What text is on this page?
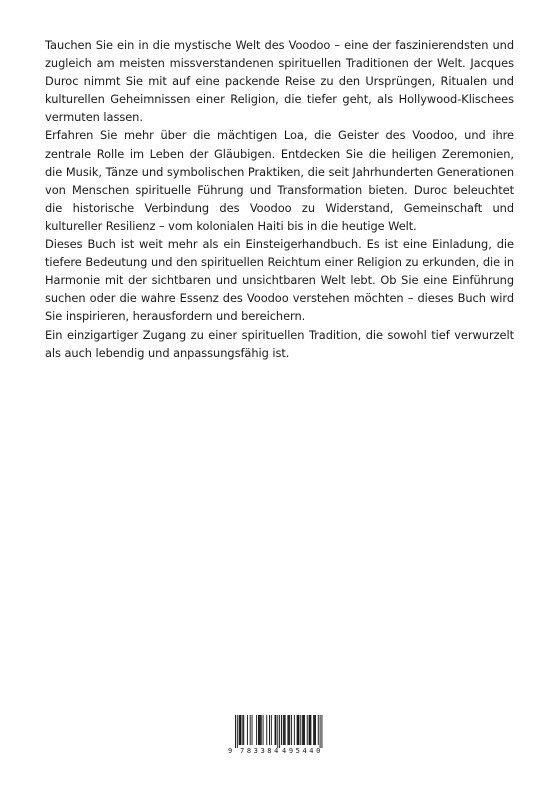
Tauchen Sie ein in die mystische Welt des Voodoo – eine der faszinierendsten und zugleich am meisten missverstandenen spirituellen Traditionen der Welt. Jacques Duroc nimmt Sie mit auf eine packende Reise zu den Ursprüngen, Ritualen und kulturellen Geheimnissen einer Religion, die tiefer geht, als Hollywood-Klischees vermuten lassen.

Erfahren Sie mehr über die mächtigen Loa, die Geister des Voodoo, und ihre zentrale Rolle im Leben der Gläubigen. Entdecken Sie die heiligen Zeremonien, die Musik, Tänze und symbolischen Praktiken, die seit Jahrhunderten Generationen von Menschen spirituelle Führung und Transformation bieten. Duroc beleuchtet die historische Verbindung des Voodoo zu Widerstand, Gemeinschaft und kultureller Resilienz – vom kolonialen Haiti bis in die heutige Welt.

Dieses Buch ist weit mehr als ein Einsteigerhandbuch. Es ist eine Einladung, die tiefere Bedeutung und den spirituellen Reichtum einer Religion zu erkunden, die in Harmonie mit der sichtbaren und unsichtbaren Welt lebt. Ob Sie eine Einführung suchen oder die wahre Essenz des Voodoo verstehen möchten – dieses Buch wird Sie inspirieren, herausfordern und bereichern.

Ein einzigartiger Zugang zu einer spirituellen Tradition, die sowohl tief verwurzelt als auch lebendig und anpassungsfähig ist.

9 783384 495440
